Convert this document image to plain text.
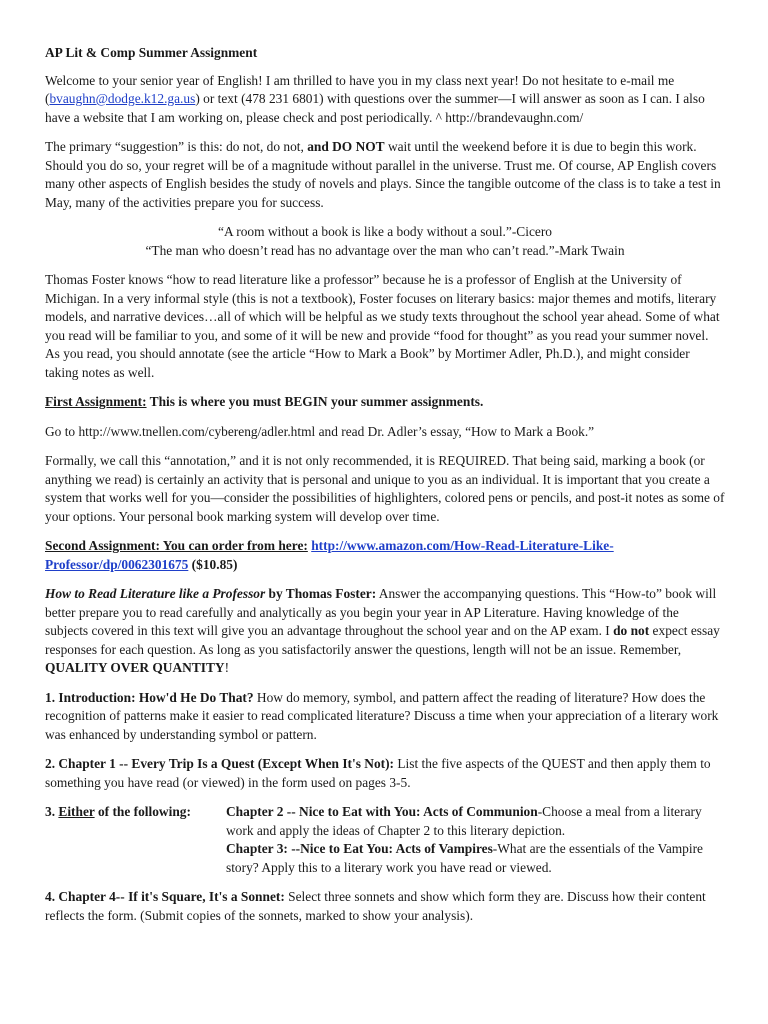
AP Lit & Comp Summer Assignment

Welcome to your senior year of English! I am thrilled to have you in my class next year! Do not hesitate to e-mail me (bvaughn@dodge.k12.ga.us) or text (478 231 6801) with questions over the summer—I will answer as soon as I can. I also have a website that I am working on, please check and post periodically. ^ http://brandevaughn.com/

The primary “suggestion” is this: do not, do not, and DO NOT wait until the weekend before it is due to begin this work. Should you do so, your regret will be of a magnitude without parallel in the universe. Trust me. Of course, AP English covers many other aspects of English besides the study of novels and plays. Since the tangible outcome of the class is to take a test in May, many of the activities prepare you for success.

“A room without a book is like a body without a soul.”-Cicero
“The man who doesn’t read has no advantage over the man who can’t read.”-Mark Twain

Thomas Foster knows “how to read literature like a professor” because he is a professor of English at the University of Michigan. In a very informal style (this is not a textbook), Foster focuses on literary basics: major themes and motifs, literary models, and narrative devices…all of which will be helpful as we study texts throughout the school year ahead. Some of what you read will be familiar to you, and some of it will be new and provide “food for thought” as you read your summer novel. As you read, you should annotate (see the article “How to Mark a Book” by Mortimer Adler, Ph.D.), and might consider taking notes as well.

First Assignment: This is where you must BEGIN your summer assignments.

Go to http://www.tnellen.com/cybereng/adler.html and read Dr. Adler’s essay, “How to Mark a Book.”

Formally, we call this “annotation,” and it is not only recommended, it is REQUIRED. That being said, marking a book (or anything we read) is certainly an activity that is personal and unique to you as an individual. It is important that you create a system that works well for you—consider the possibilities of highlighters, colored pens or pencils, and post-it notes as some of your options. Your personal book marking system will develop over time.

Second Assignment: You can order from here: http://www.amazon.com/How-Read-Literature-Like-Professor/dp/0062301675 ($10.85)

How to Read Literature like a Professor by Thomas Foster: Answer the accompanying questions. This “How-to” book will better prepare you to read carefully and analytically as you begin your year in AP Literature. Having knowledge of the subjects covered in this text will give you an advantage throughout the school year and on the AP exam. I do not expect essay responses for each question. As long as you satisfactorily answer the questions, length will not be an issue. Remember, QUALITY OVER QUANTITY!

1. Introduction: How'd He Do That? How do memory, symbol, and pattern affect the reading of literature? How does the recognition of patterns make it easier to read complicated literature? Discuss a time when your appreciation of a literary work was enhanced by understanding symbol or pattern.

2. Chapter 1 -- Every Trip Is a Quest (Except When It's Not): List the five aspects of the QUEST and then apply them to something you have read (or viewed) in the form used on pages 3-5.

3. Either of the following:	Chapter 2 -- Nice to Eat with You: Acts of Communion-Choose a meal from a literary work and apply the ideas of Chapter 2 to this literary depiction.
Chapter 3: --Nice to Eat You: Acts of Vampires-What are the essentials of the Vampire story? Apply this to a literary work you have read or viewed.

4. Chapter 4-- If it's Square, It's a Sonnet: Select three sonnets and show which form they are. Discuss how their content reflects the form. (Submit copies of the sonnets, marked to show your analysis).
